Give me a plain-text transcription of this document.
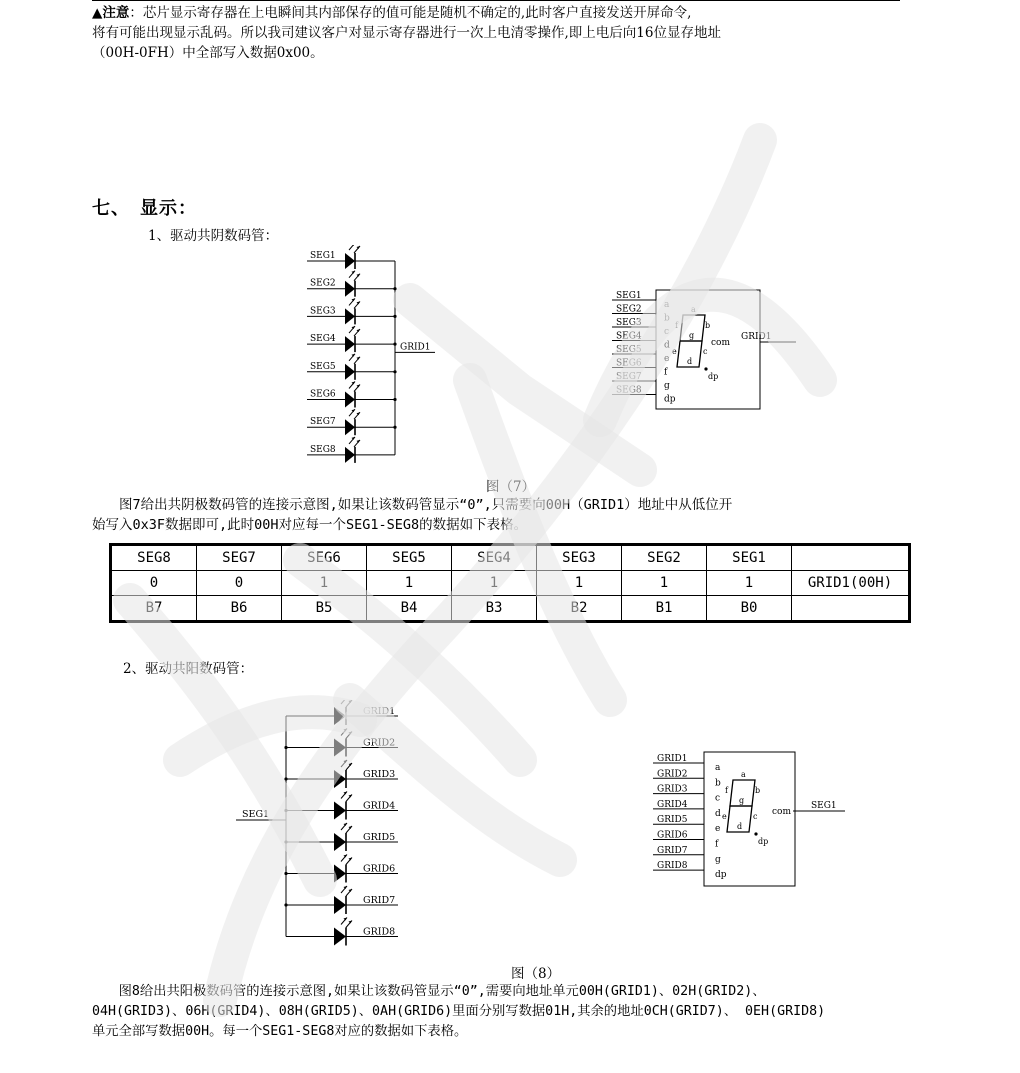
▲注意：芯片显示寄存器在上电瞬间其内部保存的值可能是随机不确定的,此时客户直接发送开屏命令,
将有可能出现显示乱码。所以我司建议客户对显示寄存器进行一次上电清零操作,即上电后向16位显存地址
（00H-0FH）中全部写入数据0x00。
七、　显示：
1、驱动共阴数码管：
SEG1
SEG2
SEG3
SEG4
SEG5
SEG6
SEG7
SEG8
GRID1
SEG1
a
SEG2
b
SEG3
c
SEG4
d
SEG5
e
SEG6
f
SEG7
g
SEG8
dp
a
b
c
d
e
f
g
dp
com
GRID1
图（7）
　　图7给出共阴极数码管的连接示意图,如果让该数码管显示“0”,只需要向00H（GRID1）地址中从低位开
始写入0x3F数据即可,此时00H对应每一个SEG1-SEG8的数据如下表格。
SEG8	SEG7	SEG6	SEG5	SEG4	SEG3	SEG2	SEG1	
0	0	1	1	1	1	1	1	GRID1(00H)
B7	B6	B5	B4	B3	B2	B1	B0	
2、驱动共阳数码管：
GRID1
GRID2
GRID3
GRID4
GRID5
GRID6
GRID7
GRID8
SEG1
GRID1
a
GRID2
b
GRID3
c
GRID4
d
GRID5
e
GRID6
f
GRID7
g
GRID8
dp
a
b
c
d
e
f
g
dp
com
SEG1
图（8）
　　图8给出共阳极数码管的连接示意图,如果让该数码管显示“0”,需要向地址单元00H(GRID1)、02H(GRID2)、
04H(GRID3)、06H(GRID4)、08H(GRID5)、0AH(GRID6)里面分别写数据01H,其余的地址0CH(GRID7)、 0EH(GRID8)
单元全部写数据00H。每一个SEG1-SEG8对应的数据如下表格。
